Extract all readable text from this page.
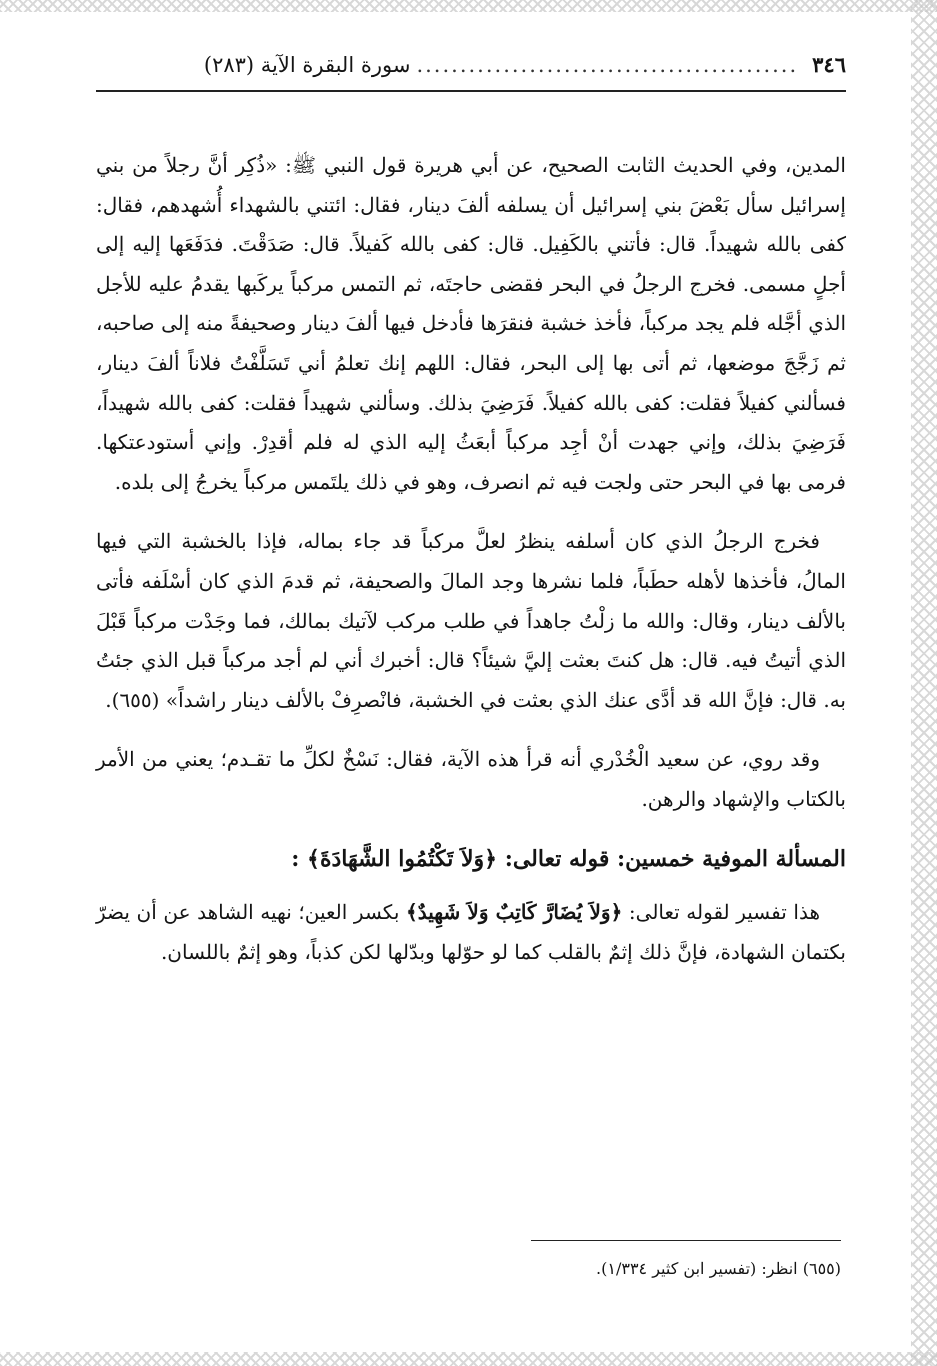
٣٤٦
............................................
سورة البقرة الآية (٢٨٣)

المدين، وفي الحديث الثابت الصحيح، عن أبي هريرة قول النبي ﷺ: «ذُكِر أنَّ رجلاً من بني إسرائيل سأل بَعْضَ بني إسرائيل أن يسلفه ألفَ دينار، فقال: ائتني بالشهداء أُشهدهم، فقال: كفى بالله شهيداً. قال: فأتني بالكَفِيل. قال: كفى بالله كَفيلاً. قال: صَدَقْتَ. فدَفَعَها إليه إلى أجلٍ مسمى. فخرج الرجلُ في البحر فقضى حاجتَه، ثم التمس مركباً يركَبها يقدمُ عليه للأجل الذي أجَّله فلم يجد مركباً، فأخذ خشبة فنقرَها فأدخل فيها ألفَ دينار وصحيفةً منه إلى صاحبه، ثم زَجَّجَ موضعها، ثم أتى بها إلى البحر، فقال: اللهم إنك تعلمُ أني تَسَلَّفْتُ فلاناً ألفَ دينار، فسألني كفيلاً فقلت: كفى بالله كفيلاً. فَرَضِيَ بذلك. وسألني شهيداً فقلت: كفى بالله شهيداً، فَرَضِيَ بذلك، وإني جهدت أنْ أجِد مركباً أبعَثُ إليه الذي له فلم أقدِرْ. وإني أستودعتكها. فرمى بها في البحر حتى ولجت فيه ثم انصرف، وهو في ذلك يلتَمس مركباً يخرجُ إلى بلده.

فخرج الرجلُ الذي كان أسلفه ينظرُ لعلَّ مركباً قد جاء بماله، فإذا بالخشبة التي فيها المالُ، فأخذها لأهله حطَباً، فلما نشرها وجد المالَ والصحيفة، ثم قدمَ الذي كان أسْلَفه فأتى بالألف دينار، وقال: والله ما زلْتُ جاهداً في طلب مركب لآتيك بمالك، فما وجَدْت مركباً قَبْلَ الذي أتيتُ فيه. قال: هل كنتَ بعثت إليَّ شيئاً؟ قال: أخبرك أني لم أجد مركباً قبل الذي جئتُ به. قال: فإنَّ الله قد أدَّى عنك الذي بعثت في الخشبة، فانْصرِفْ بالألف دينار راشداً» (٦٥٥).

وقد روي، عن سعيد الْخُدْري أنه قرأ هذه الآية، فقال: نَسْخٌ لكلِّ ما تقـدم؛ يعني من الأمر بالكتاب والإشهاد والرهن.

المسألة الموفية خمسين: قوله تعالى: ﴿وَلاَ تَكْتُمُوا الشَّهَادَةَ﴾ :

هذا تفسير لقوله تعالى: ﴿وَلاَ يُضَارَّ كَاتِبٌ وَلاَ شَهِيدٌ﴾ بكسر العين؛ نهيه الشاهد عن أن يضرّ بكتمان الشهادة، فإنَّ ذلك إثمٌ بالقلب كما لو حوّلها وبدّلها لكن كذباً، وهو إثمٌ باللسان.

(٦٥٥) انظر: (تفسير ابن كثير ١/٣٣٤).
